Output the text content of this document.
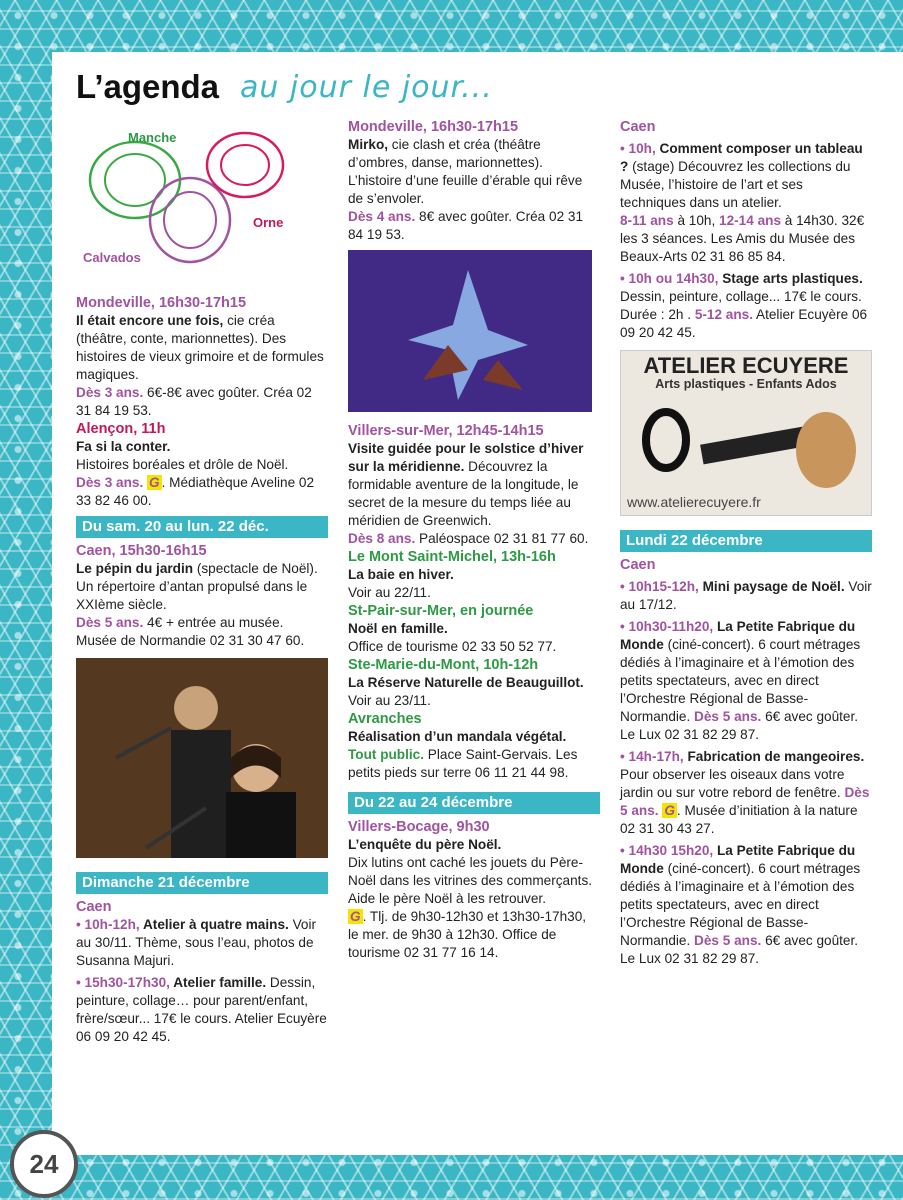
L’agenda au jour le jour...
Manche
Orne
Calvados

Mondeville, 16h30-17h15

Il était encore une fois, cie créa (théâtre, conte, marionnettes). Des histoires de vieux grimoire et de formules magiques.

Dès 3 ans. 6€-8€ avec goûter. Créa 02 31 84 19 53.

Alençon, 11h

Fa si la conter.

Histoires boréales et drôle de Noël.

Dès 3 ans. G . Médiathèque Aveline 02 33 82 46 00.

Du sam. 20 au lun. 22 déc.

Caen, 15h30-16h15

Le pépin du jardin (spectacle de Noël). Un répertoire d’antan propulsé dans le XXIème siècle.

Dès 5 ans. 4€ + entrée au musée. Musée de Normandie 02 31 30 47 60.

Dimanche 21 décembre

Caen

• 10h-12h, Atelier à quatre mains. Voir au 30/11. Thème, sous l’eau, photos de Susanna Majuri.

• 15h30-17h30, Atelier famille. Dessin, peinture, collage… pour parent/enfant, frère/sœur... 17€ le cours. Atelier Ecuyère 06 09 20 42 45.

Mondeville, 16h30-17h15

Mirko, cie clash et créa (théâtre d’ombres, danse, marionnettes). L’histoire d’une feuille d’érable qui rêve de s’envoler.

Dès 4 ans. 8€ avec goûter. Créa 02 31 84 19 53.

Villers-sur-Mer, 12h45-14h15

Visite guidée pour le solstice d’hiver sur la méridienne. Découvrez la formidable aventure de la longitude, le secret de la mesure du temps liée au méridien de Greenwich.

Dès 8 ans. Paléospace 02 31 81 77 60.

Le Mont Saint-Michel, 13h-16h

La baie en hiver.

Voir au 22/11.

St-Pair-sur-Mer, en journée

Noël en famille.

Office de tourisme 02 33 50 52 77.

Ste-Marie-du-Mont, 10h-12h

La Réserve Naturelle de Beauguillot.

Voir au 23/11.

Avranches

Réalisation d’un mandala végétal.

Tout public. Place Saint-Gervais. Les petits pieds sur terre 06 11 21 44 98.

Du 22 au 24 décembre

Villers-Bocage, 9h30

L’enquête du père Noël.

Dix lutins ont caché les jouets du Père-Noël dans les vitrines des commerçants. Aide le père Noël à les retrouver.

G . Tlj. de 9h30-12h30 et 13h30-17h30, le mer. de 9h30 à 12h30. Office de tourisme 02 31 77 16 14.

Caen

• 10h, Comment composer un tableau ? (stage) Découvrez les collections du Musée, l’histoire de l’art et ses techniques dans un atelier.

8-11 ans à 10h, 12-14 ans à 14h30. 32€ les 3 séances. Les Amis du Musée des Beaux-Arts 02 31 86 85 84.

• 10h ou 14h30, Stage arts plastiques. Dessin, peinture, collage... 17€ le cours. Durée : 2h . 5-12 ans. Atelier Ecuyère 06 09 20 42 45.

ATELIER ECUYERE
Arts plastiques - Enfants Ados
www.atelierecuyere.fr
Lundi 22 décembre

Caen

• 10h15-12h, Mini paysage de Noël. Voir au 17/12.

• 10h30-11h20, La Petite Fabrique du Monde (ciné-concert). 6 court métrages dédiés à l’imaginaire et à l’émotion des petits spectateurs, avec en direct l’Orchestre Régional de Basse-Normandie. Dès 5 ans. 6€ avec goûter. Le Lux 02 31 82 29 87.

• 14h-17h, Fabrication de mangeoires. Pour observer les oiseaux dans votre jardin ou sur votre rebord de fenêtre. Dès 5 ans. G . Musée d’initiation à la nature 02 31 30 43 27.

• 14h30 15h20, La Petite Fabrique du Monde (ciné-concert). 6 court métrages dédiés à l’imaginaire et à l’émotion des petits spectateurs, avec en direct l’Orchestre Régional de Basse-Normandie. Dès 5 ans. 6€ avec goûter. Le Lux 02 31 82 29 87.

24
